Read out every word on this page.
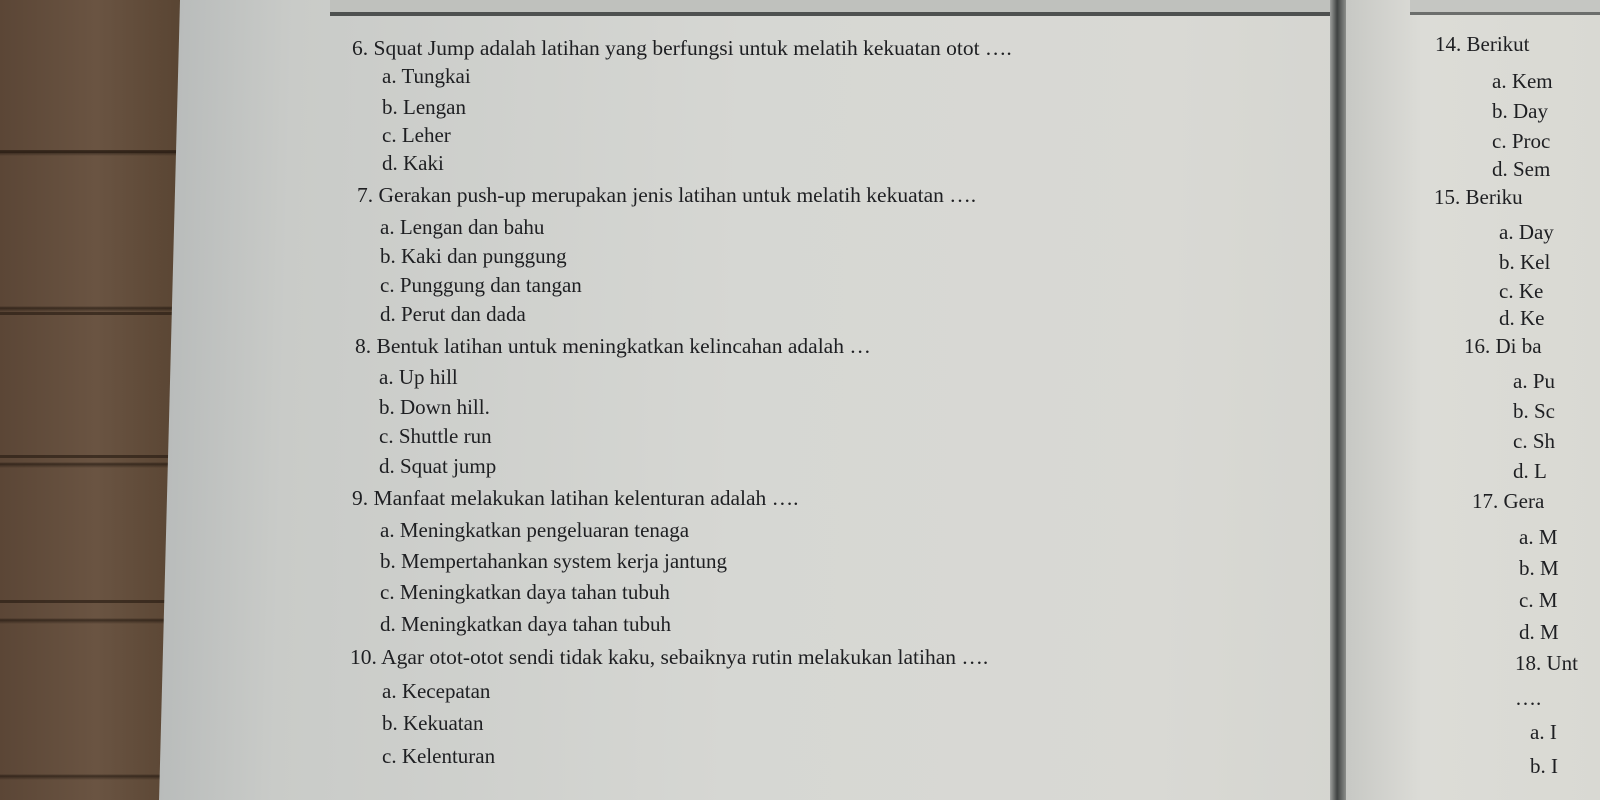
6. Squat Jump adalah latihan yang berfungsi untuk melatih kekuatan otot ….
a. Tungkai
b. Lengan
c. Leher
d. Kaki
7. Gerakan push-up merupakan jenis latihan untuk melatih kekuatan ….
a. Lengan dan bahu
b. Kaki dan punggung
c. Punggung dan tangan
d. Perut dan dada
8. Bentuk latihan untuk meningkatkan kelincahan adalah …
a. Up hill
b. Down hill.
c. Shuttle run
d. Squat jump
9. Manfaat melakukan latihan kelenturan adalah ….
a. Meningkatkan pengeluaran tenaga
b. Mempertahankan system kerja jantung
c. Meningkatkan daya tahan tubuh
d. Meningkatkan daya tahan tubuh
10. Agar otot-otot sendi tidak kaku, sebaiknya rutin melakukan latihan ….
a. Kecepatan
b. Kekuatan
c. Kelenturan
14. Berikut
a. Kem
b. Day
c. Proc
d. Sem
15. Beriku
a. Day
b. Kel
c. Ke
d. Ke
16. Di ba
a. Pu
b. Sc
c. Sh
d. L
17. Gera
a. M
b. M
c. M
d. M
18. Unt
….
a. I
b. I
